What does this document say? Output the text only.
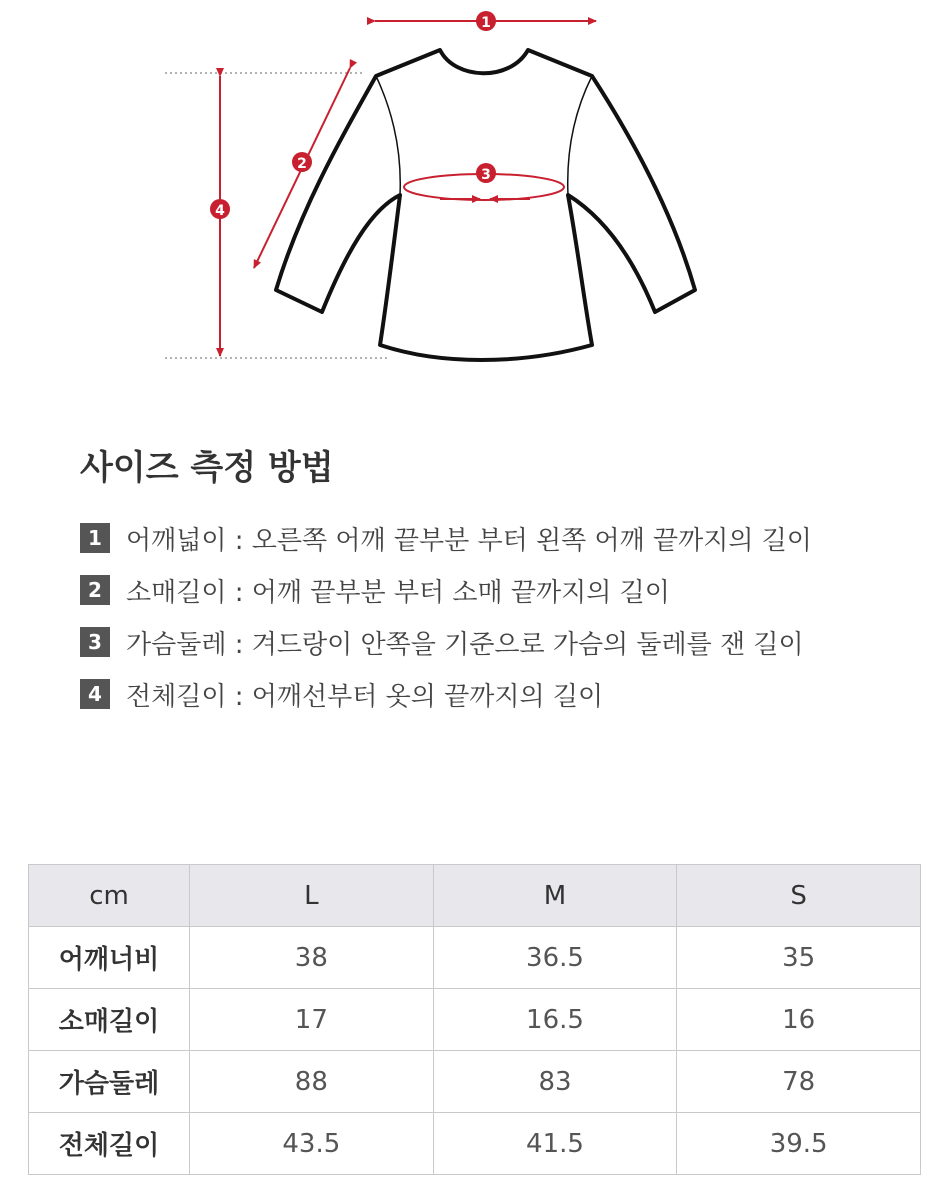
1
2
3
4
사이즈 측정 방법
1 어깨넓이 : 오른쪽 어깨 끝부분 부터 왼쪽 어깨 끝까지의 길이
2 소매길이 : 어깨 끝부분 부터 소매 끝까지의 길이
3 가슴둘레 : 겨드랑이 안쪽을 기준으로 가슴의 둘레를 잰 길이
4 전체길이 : 어깨선부터 옷의 끝까지의 길이
cm	L	M	S
어깨너비	38	36.5	35
소매길이	17	16.5	16
가슴둘레	88	83	78
전체길이	43.5	41.5	39.5
